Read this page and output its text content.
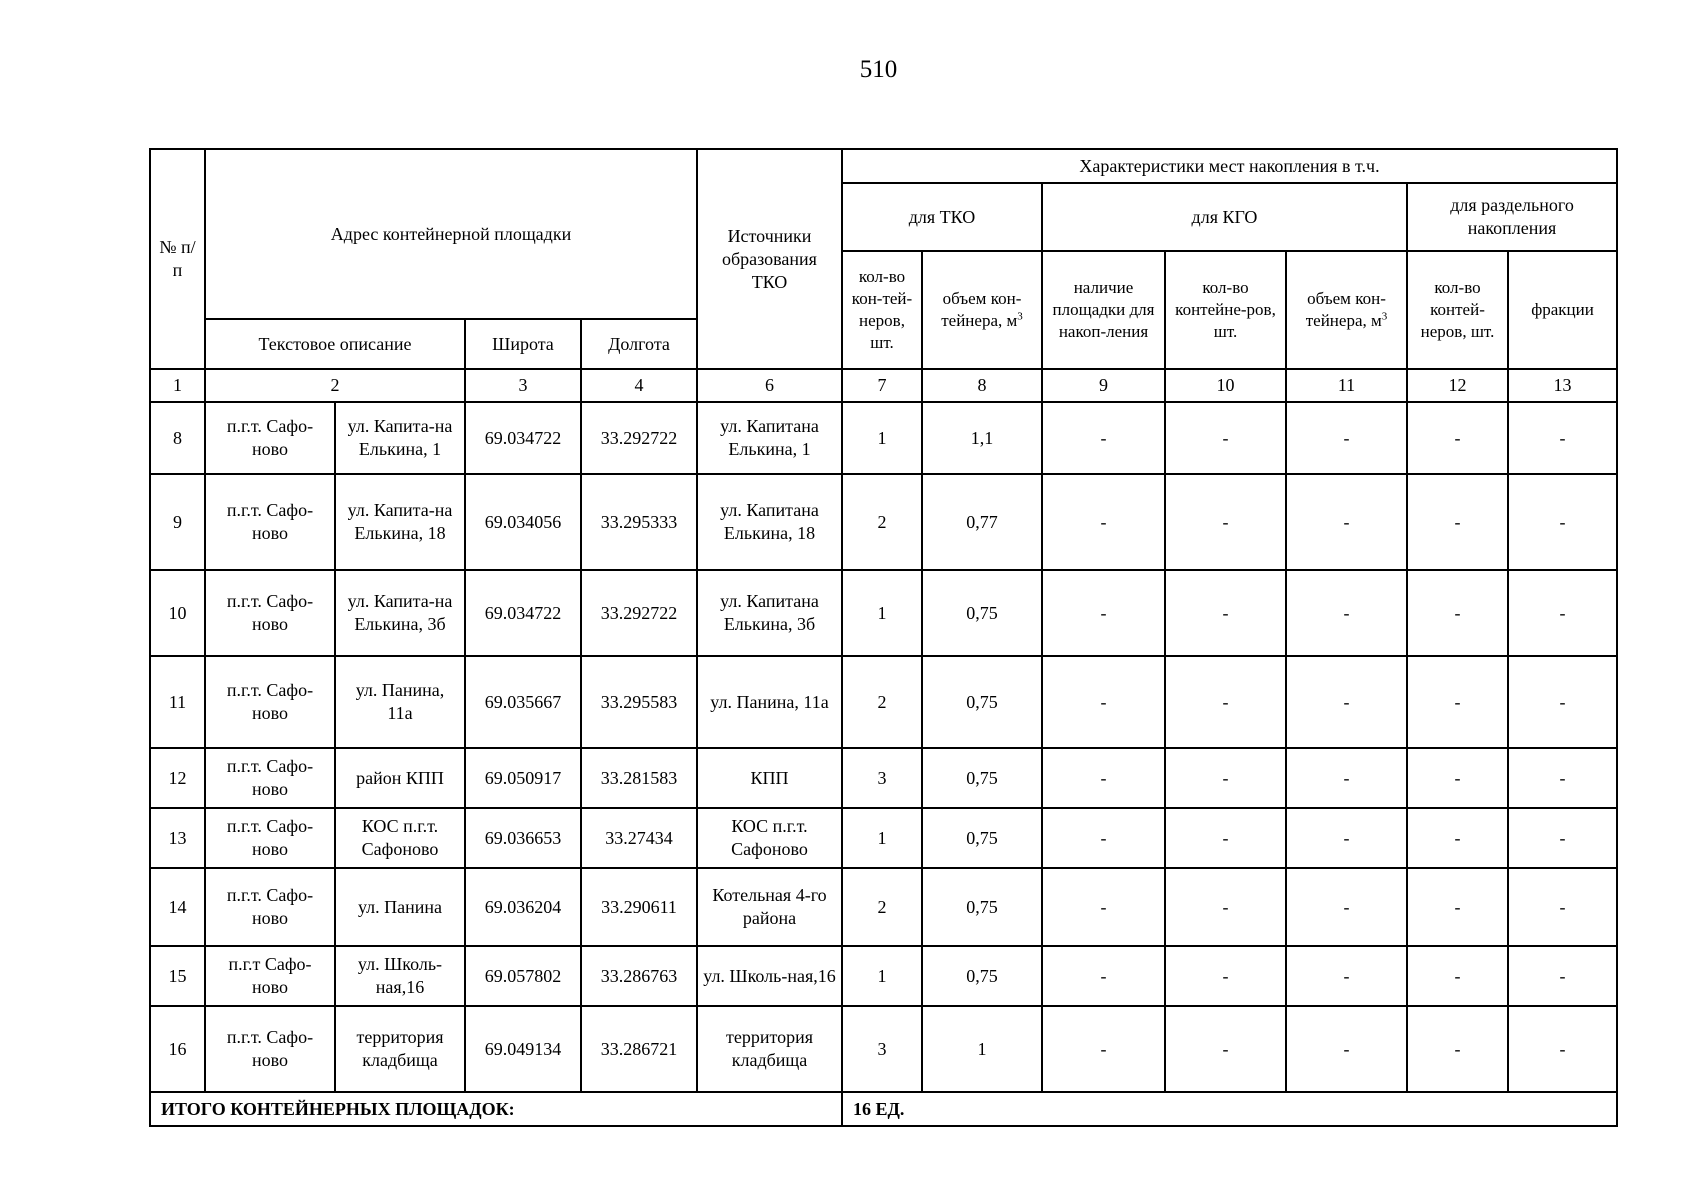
510
№ п/п	Адрес контейнерной площадки				Источники образования ТКО	Характеристики мест накопления в т.ч.						
						для ТКО		для КГО			для раздельного накопления	
						кол-во кон-тей-неров, шт.	объем кон-тейнера, $м^3$	наличие площадки для накоп-ления	кол-во контейне-ров, шт.	объем кон-тейнера, $м^3$	кол-во контей-неров, шт.	фракции
	Текстовое описание		Широта	Долгота								
1	2		3	4	6	7	8	9	10	11	12	13
8	п.г.т. Сафо-ново	ул. Капита-на Елькина, 1	69.034722	33.292722	ул. Капитана Елькина, 1	1	1,1	-	-	-	-	-
9	п.г.т. Сафо-ново	ул. Капита-на Елькина, 18	69.034056	33.295333	ул. Капитана Елькина, 18	2	0,77	-	-	-	-	-
10	п.г.т. Сафо-ново	ул. Капита-на Елькина, 3б	69.034722	33.292722	ул. Капитана Елькина, 3б	1	0,75	-	-	-	-	-
11	п.г.т. Сафо-ново	ул. Панина, 11а	69.035667	33.295583	ул. Панина, 11а	2	0,75	-	-	-	-	-
12	п.г.т. Сафо-ново	район КПП	69.050917	33.281583	КПП	3	0,75	-	-	-	-	-
13	п.г.т. Сафо-ново	КОС п.г.т. Сафоново	69.036653	33.27434	КОС п.г.т. Сафоново	1	0,75	-	-	-	-	-
14	п.г.т. Сафо-ново	ул. Панина	69.036204	33.290611	Котельная 4-го района	2	0,75	-	-	-	-	-
15	п.г.т Сафо-ново	ул. Школь-ная,16	69.057802	33.286763	ул. Школь-ная,16	1	0,75	-	-	-	-	-
16	п.г.т. Сафо-ново	территория кладбища	69.049134	33.286721	территория кладбища	3	1	-	-	-	-	-
ИТОГО КОНТЕЙНЕРНЫХ ПЛОЩАДОК:						16 ЕД.						
